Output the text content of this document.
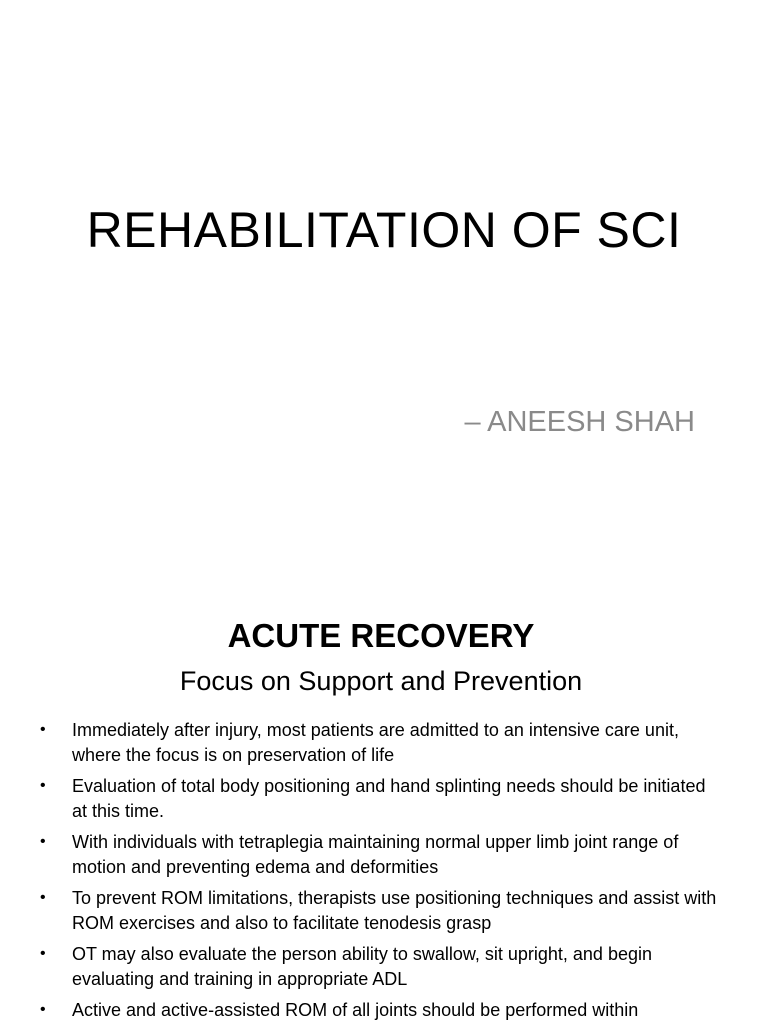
REHABILITATION OF SCI

– ANEESH SHAH

ACUTE RECOVERY
Focus on Support and Prevention
• Immediately after injury, most patients are admitted to an intensive care unit, where the focus is on preservation of life
• Evaluation of total body positioning and hand splinting needs should be initiated at this time.
• With individuals with tetraplegia maintaining normal upper limb joint range of motion and preventing edema and deformities
• To prevent ROM limitations, therapists use positioning techniques and assist with ROM exercises and also to facilitate tenodesis grasp
• OT may also evaluate the person ability to swallow, sit upright, and begin evaluating and training in appropriate ADL
• Active and active-assisted ROM of all joints should be performed within
